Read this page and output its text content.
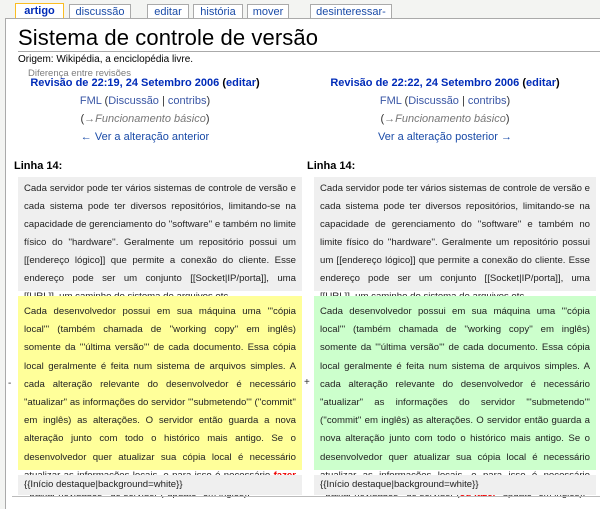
artigo	discussão	editar	história	mover	desinteressar-
Sistema de controle de versão
Origem: Wikipédia, a enciclopédia livre.
Diferença entre revisões
Revisão de 22:19, 24 Setembro 2006 (editar)
FML (Discussão | contribs)
(→Funcionamento básico)
← Ver a alteração anterior
Revisão de 22:22, 24 Setembro 2006 (editar)
FML (Discussão | contribs)
(→Funcionamento básico)
Ver a alteração posterior →
Linha 14:	Linha 14:
Cada servidor pode ter vários sistemas de controle de versão e cada sistema pode ter diversos repositórios, limitando-se na capacidade de gerenciamento do ''software'' e também no limite físico do ''hardware''. Geralmente um repositório possui um [[endereço lógico]] que permite a conexão do cliente. Esse endereço pode ser um conjunto [[Socket|IP/porta]], uma
Cada servidor pode ter vários sistemas de controle de versão e cada sistema pode ter diversos repositórios, limitando-se na capacidade de gerenciamento do ''software'' e também no limite físico do ''hardware''. Geralmente um repositório possui um [[endereço lógico]] que permite a conexão do cliente. Esse endereço pode ser um conjunto [[Socket|IP/porta]], uma
-
Cada desenvolvedor possui em sua máquina uma '''cópia local''' (também chamada de ''working copy'' em inglês) somente da '''última versão''' de cada documento. Essa cópia local geralmente é feita num sistema de arquivos simples. A cada alteração relevante do desenvolvedor é necessário "atualizar" as informações do servidor '''submetendo''' (''commit'' em inglês) as alterações. O servidor então guarda a nova alteração junto com todo o histórico mais antigo. Se o desenvolvedor quer atualizar sua cópia local é necessário
+
Cada desenvolvedor possui em sua máquina uma '''cópia local''' (também chamada de ''working copy'' em inglês) somente da '''última versão''' de cada documento. Essa cópia local geralmente é feita num sistema de arquivos simples. A cada alteração relevante do desenvolvedor é necessário "atualizar" as informações do servidor '''submetendo''' (''commit'' em inglês) as alterações. O servidor então guarda a nova alteração junto com todo o histórico mais antigo. Se o desenvolvedor quer atualizar sua cópia local é necessário
{{Início destaque|background=white}}	{{Início destaque|background=white}}
